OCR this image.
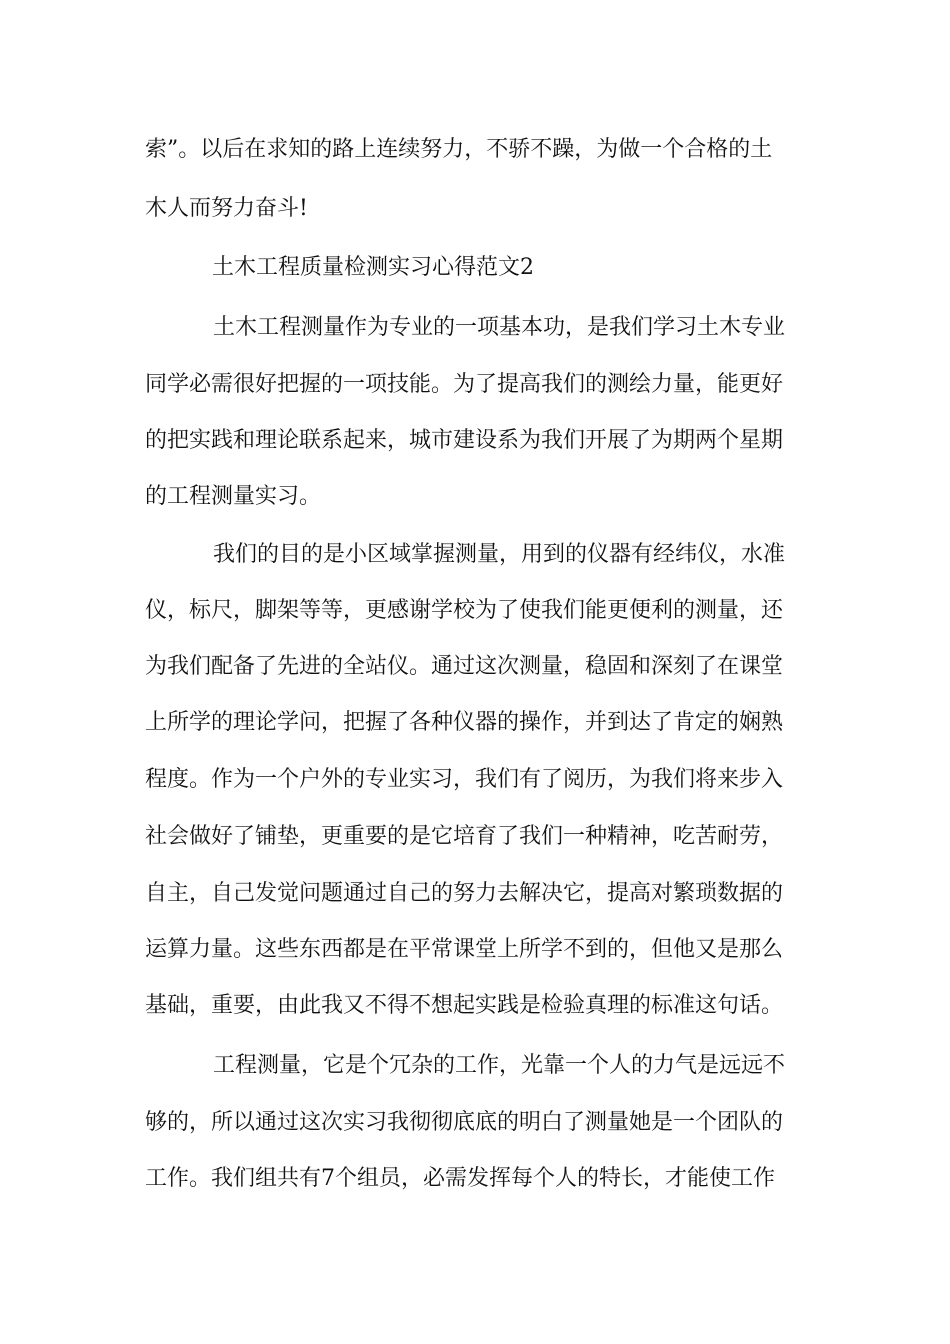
索”。以后在求知的路上连续努力，不骄不躁，为做一个合格的土
木人而努力奋斗!
土木工程质量检测实习心得范文2
土木工程测量作为专业的一项基本功，是我们学习土木专业
同学必需很好把握的一项技能。为了提高我们的测绘力量，能更好
的把实践和理论联系起来，城市建设系为我们开展了为期两个星期
的工程测量实习。
我们的目的是小区域掌握测量，用到的仪器有经纬仪，水准
仪，标尺，脚架等等，更感谢学校为了使我们能更便利的测量，还
为我们配备了先进的全站仪。通过这次测量，稳固和深刻了在课堂
上所学的理论学问，把握了各种仪器的操作，并到达了肯定的娴熟
程度。作为一个户外的专业实习，我们有了阅历，为我们将来步入
社会做好了铺垫，更重要的是它培育了我们一种精神，吃苦耐劳，
自主，自己发觉问题通过自己的努力去解决它，提高对繁琐数据的
运算力量。这些东西都是在平常课堂上所学不到的，但他又是那么
基础，重要，由此我又不得不想起实践是检验真理的标准这句话。
工程测量，它是个冗杂的工作，光靠一个人的力气是远远不
够的，所以通过这次实习我彻彻底底的明白了测量她是一个团队的
工作。我们组共有7个组员，必需发挥每个人的特长，才能使工作
